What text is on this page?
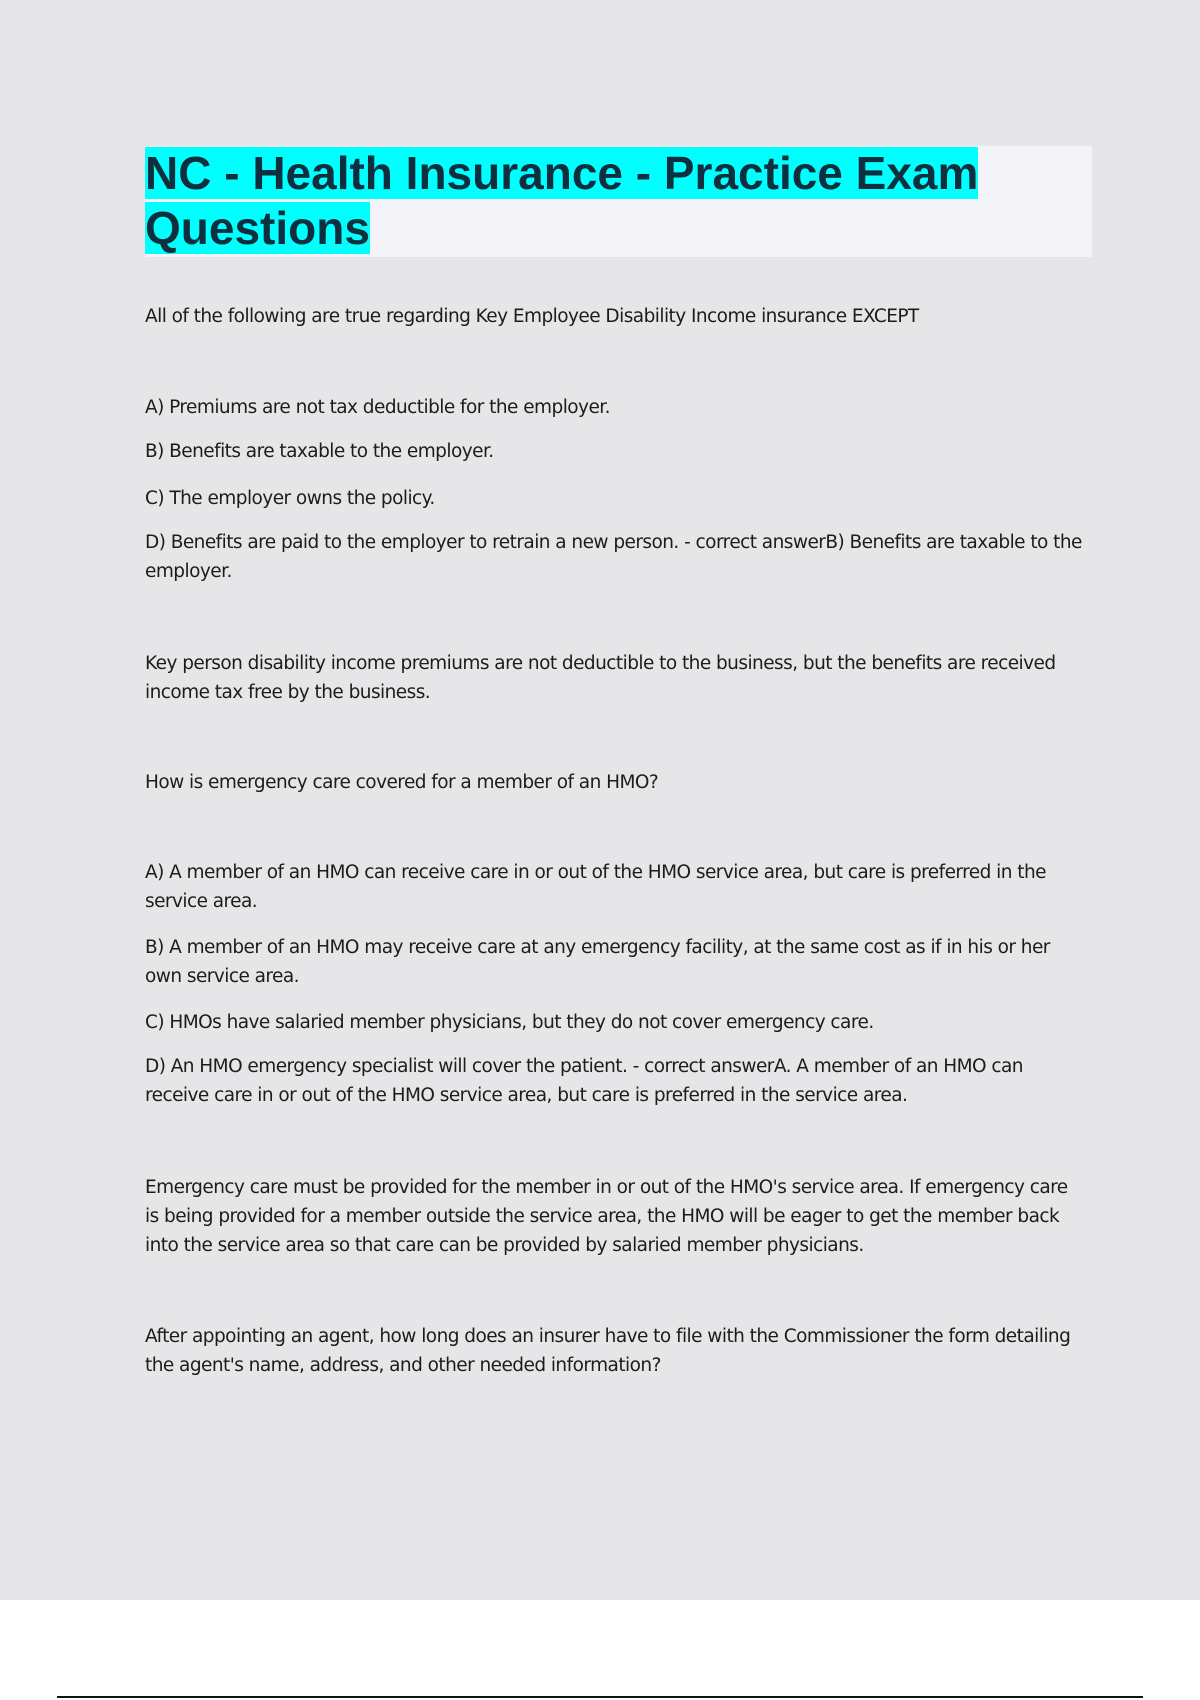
NC - Health Insurance - Practice Exam Questions

All of the following are true regarding Key Employee Disability Income insurance EXCEPT

A) Premiums are not tax deductible for the employer.

B) Benefits are taxable to the employer.

C) The employer owns the policy.

D) Benefits are paid to the employer to retrain a new person. - correct answerB) Benefits are taxable to the employer.

Key person disability income premiums are not deductible to the business, but the benefits are received income tax free by the business.

How is emergency care covered for a member of an HMO?

A) A member of an HMO can receive care in or out of the HMO service area, but care is preferred in the service area.

B) A member of an HMO may receive care at any emergency facility, at the same cost as if in his or her own service area.

C) HMOs have salaried member physicians, but they do not cover emergency care.

D) An HMO emergency specialist will cover the patient. - correct answerA. A member of an HMO can receive care in or out of the HMO service area, but care is preferred in the service area.

Emergency care must be provided for the member in or out of the HMO's service area. If emergency care is being provided for a member outside the service area, the HMO will be eager to get the member back into the service area so that care can be provided by salaried member physicians.

After appointing an agent, how long does an insurer have to file with the Commissioner the form detailing the agent's name, address, and other needed information?
